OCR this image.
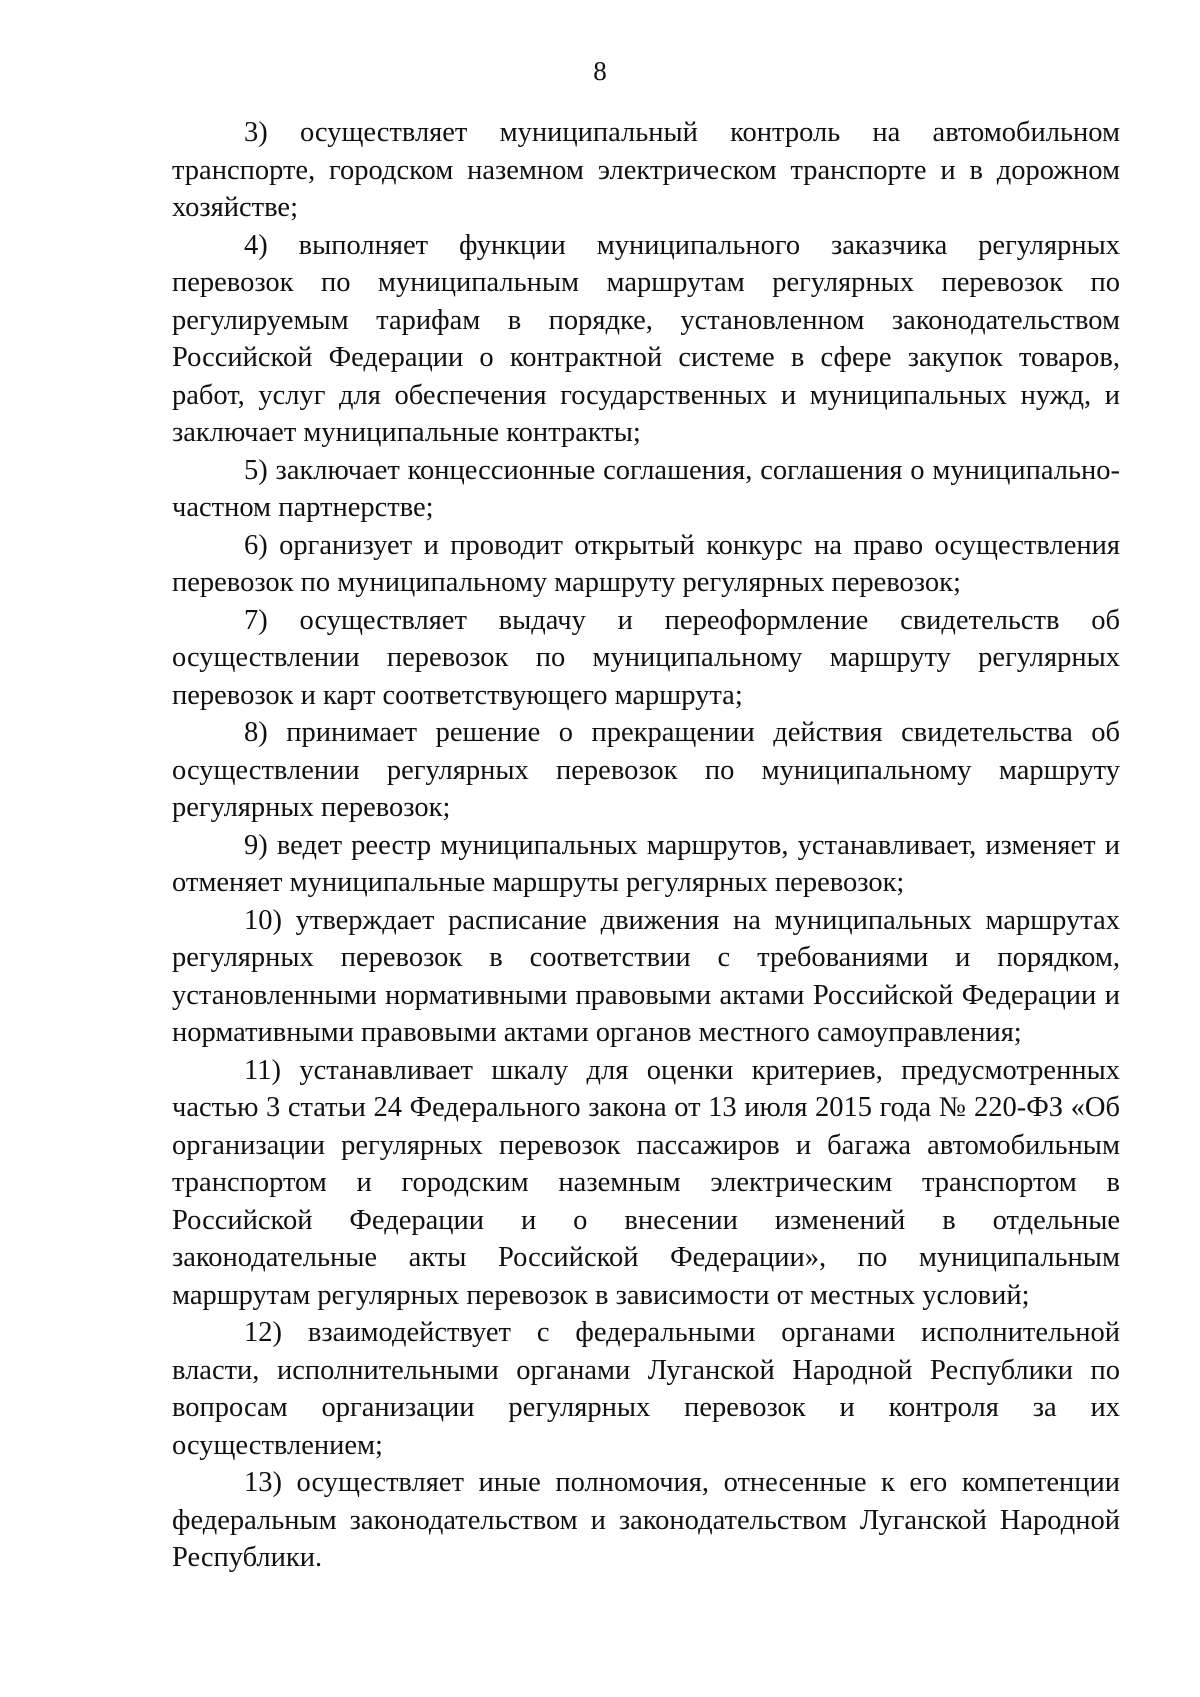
8

3) осуществляет муниципальный контроль на автомобильном транспорте, городском наземном электрическом транспорте и в дорожном хозяйстве;

4) выполняет функции муниципального заказчика регулярных перевозок по муниципальным маршрутам регулярных перевозок по регулируемым тарифам в порядке, установленном законодательством Российской Федерации о контрактной системе в сфере закупок товаров, работ, услуг для обеспечения государственных и муниципальных нужд, и заключает муниципальные контракты;

5) заключает концессионные соглашения, соглашения о муниципально-частном партнерстве;

6) организует и проводит открытый конкурс на право осуществления перевозок по муниципальному маршруту регулярных перевозок;

7) осуществляет выдачу и переоформление свидетельств об осуществлении перевозок по муниципальному маршруту регулярных перевозок и карт соответствующего маршрута;

8) принимает решение о прекращении действия свидетельства об осуществлении регулярных перевозок по муниципальному маршруту регулярных перевозок;

9) ведет реестр муниципальных маршрутов, устанавливает, изменяет и отменяет муниципальные маршруты регулярных перевозок;

10) утверждает расписание движения на муниципальных маршрутах регулярных перевозок в соответствии с требованиями и порядком, установленными нормативными правовыми актами Российской Федерации и нормативными правовыми актами органов местного самоуправления;

11) устанавливает шкалу для оценки критериев, предусмотренных частью 3 статьи 24 Федерального закона от 13 июля 2015 года № 220-ФЗ «Об организации регулярных перевозок пассажиров и багажа автомобильным транспортом и городским наземным электрическим транспортом в Российской Федерации и о внесении изменений в отдельные законодательные акты Российской Федерации», по муниципальным маршрутам регулярных перевозок в зависимости от местных условий;

12) взаимодействует с федеральными органами исполнительной власти, исполнительными органами Луганской Народной Республики по вопросам организации регулярных перевозок и контроля за их осуществлением;

13) осуществляет иные полномочия, отнесенные к его компетенции федеральным законодательством и законодательством Луганской Народной Республики.
